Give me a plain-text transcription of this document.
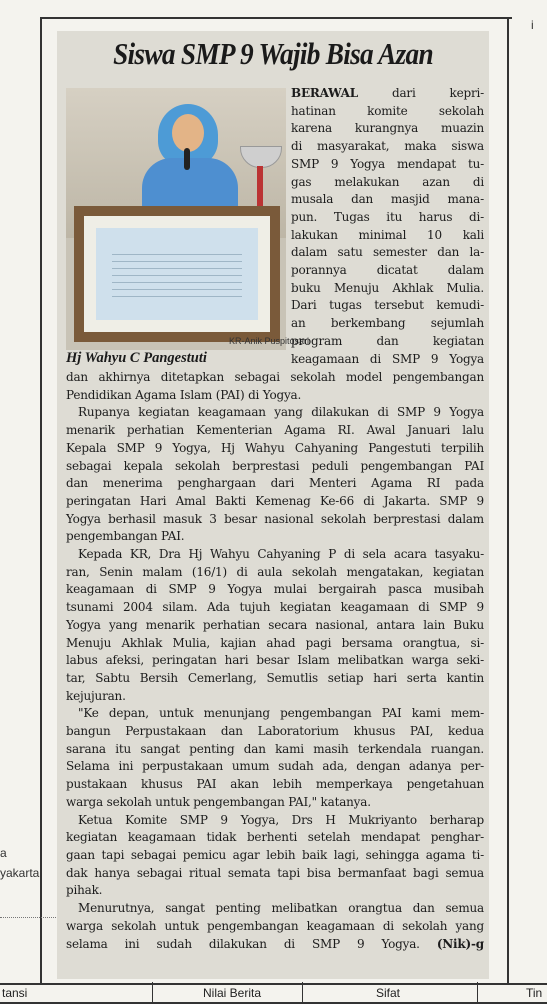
a
yakarta
i
Siswa SMP 9 Wajib Bisa Azan
KR-Anik Puspitosari

Hj Wahyu C Pangestuti

BERAWAL	dari kepri-
hatinan komite sekolah
karena kurangnya muazin
di masyarakat, maka siswa
SMP 9 Yogya mendapat tu-
gas melakukan azan di
musala dan masjid mana-
pun. Tugas itu harus di-
lakukan minimal 10 kali
dalam satu semester dan la-
porannya dicatat dalam
buku Menuju Akhlak Mulia.
Dari tugas tersebut kemudi-
an berkembang sejumlah
program dan kegiatan
keagamaan di SMP 9 Yogya
dan akhirnya ditetapkan sebagai sekolah model pengembangan
Pendidikan Agama Islam (PAI) di Yogya.
Rupanya kegiatan keagamaan yang dilakukan di SMP 9 Yogya
menarik perhatian Kementerian Agama RI. Awal Januari lalu
Kepala SMP 9 Yogya, Hj Wahyu Cahyaning Pangestuti terpilih
sebagai kepala sekolah berprestasi peduli pengembangan PAI
dan menerima penghargaan dari Menteri Agama RI pada
peringatan Hari Amal Bakti Kemenag Ke-66 di Jakarta. SMP 9
Yogya berhasil masuk 3 besar nasional sekolah berprestasi dalam
pengembangan PAI.
Kepada KR, Dra Hj Wahyu Cahyaning P di sela acara tasyaku-
ran, Senin malam (16/1) di aula sekolah mengatakan, kegiatan
keagamaan di SMP 9 Yogya mulai bergairah pasca musibah
tsunami 2004 silam. Ada tujuh kegiatan keagamaan di SMP 9
Yogya yang menarik perhatian secara nasional, antara lain Buku
Menuju Akhlak Mulia, kajian ahad pagi bersama orangtua, si-
labus afeksi, peringatan hari besar Islam melibatkan warga seki-
tar, Sabtu Bersih Cemerlang, Semutlis setiap hari serta kantin
kejujuran.
"Ke depan, untuk menunjang pengembangan PAI kami mem-
bangun Perpustakaan dan Laboratorium khusus PAI, kedua
sarana itu sangat penting dan kami masih terkendala ruangan.
Selama ini perpustakaan umum sudah ada, dengan adanya per-
pustakaan khusus PAI akan lebih memperkaya pengetahuan
warga sekolah untuk pengembangan PAI," katanya.
Ketua Komite SMP 9 Yogya, Drs H Mukriyanto berharap
kegiatan keagamaan tidak berhenti setelah mendapat penghar-
gaan tapi sebagai pemicu agar lebih baik lagi, sehingga agama ti-
dak hanya sebagai ritual semata tapi bisa bermanfaat bagi semua
pihak.
Menurutnya, sangat penting melibatkan orangtua dan semua
warga sekolah untuk pengembangan keagamaan di sekolah yang
selama ini sudah dilakukan di SMP 9 Yogya. (Nik)-g
tansi	Nilai Berita	Sifat	Tin
